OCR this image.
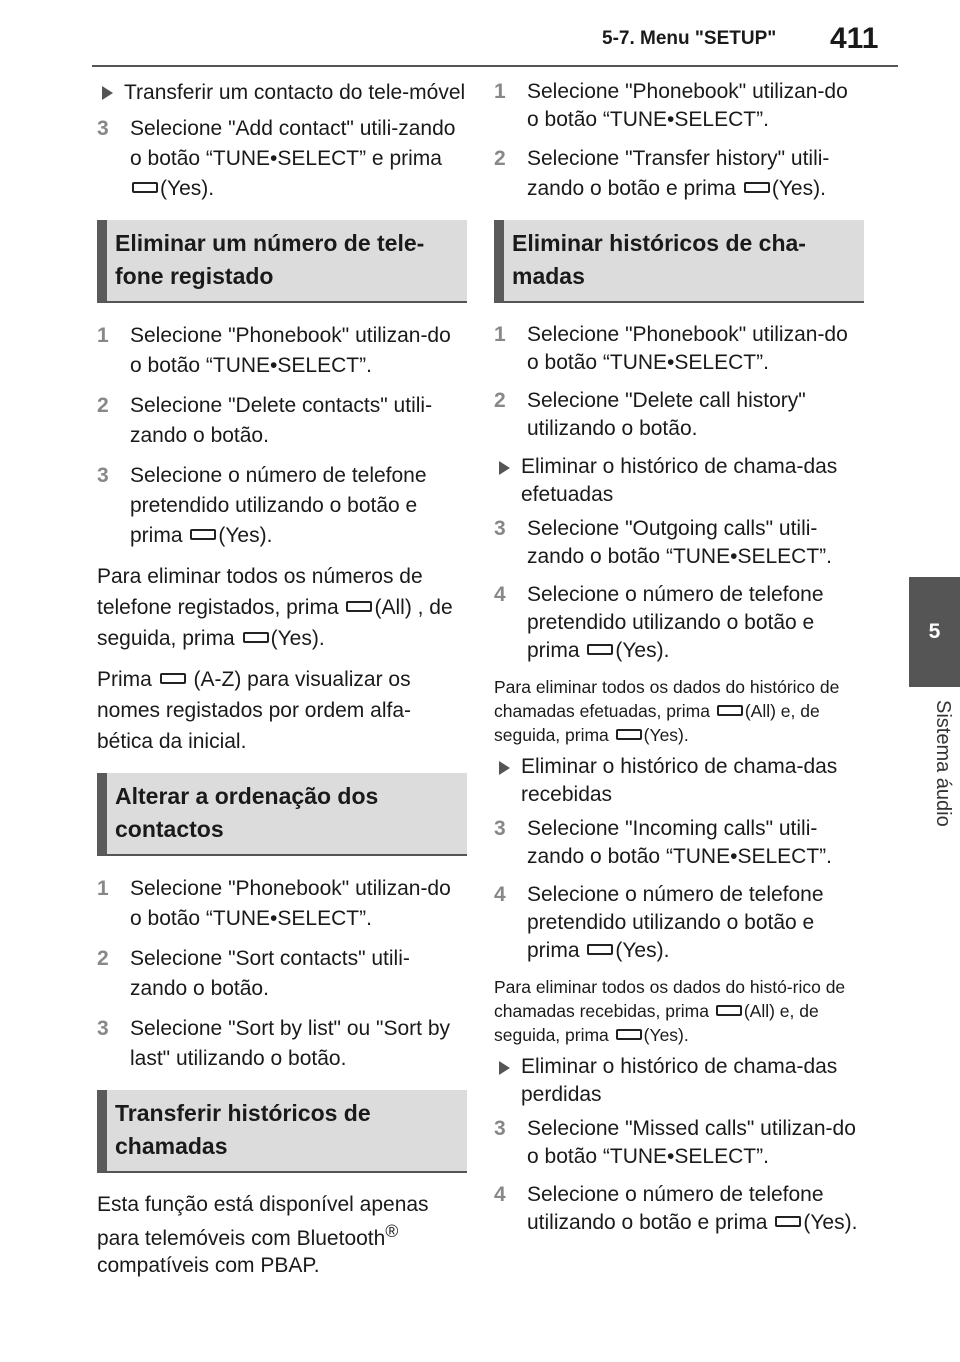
5-7. Menu "SETUP" 411
5
Sistema áudio
Transferir um contacto do tele-móvel
3 Selecione "Add contact" utili-zando o botão “TUNE•SELECT” e prima (Yes).
Eliminar um número de tele-fone registado
1 Selecione "Phonebook" utilizan-do o botão “TUNE•SELECT”.
2 Selecione "Delete contacts" utili-zando o botão.
3 Selecione o número de telefone pretendido utilizando o botão e prima (Yes).
Para eliminar todos os números de telefone registados, prima (All) , de seguida, prima (Yes).
Prima (A-Z) para visualizar os nomes registados por ordem alfa-bética da inicial.
Alterar a ordenação dos contactos
1 Selecione "Phonebook" utilizan-do o botão “TUNE•SELECT”.
2 Selecione "Sort contacts" utili-zando o botão.
3 Selecione "Sort by list" ou "Sort by last" utilizando o botão.
Transferir históricos de chamadas
Esta função está disponível apenas para telemóveis com Bluetooth® compatíveis com PBAP.
1 Selecione "Phonebook" utilizan-do o botão “TUNE•SELECT”.
2 Selecione "Transfer history" utili-zando o botão e prima (Yes).
Eliminar históricos de cha-madas
1 Selecione "Phonebook" utilizan-do o botão “TUNE•SELECT”.
2 Selecione "Delete call history" utilizando o botão.
Eliminar o histórico de chama-das efetuadas
3 Selecione "Outgoing calls" utili-zando o botão “TUNE•SELECT”.
4 Selecione o número de telefone pretendido utilizando o botão e prima (Yes).
Para eliminar todos os dados do histórico de chamadas efetuadas, prima (All) e, de seguida, prima (Yes).
Eliminar o histórico de chama-das recebidas
3 Selecione "Incoming calls" utili-zando o botão “TUNE•SELECT”.
4 Selecione o número de telefone pretendido utilizando o botão e prima (Yes).
Para eliminar todos os dados do histó-rico de chamadas recebidas, prima (All) e, de seguida, prima (Yes).
Eliminar o histórico de chama-das perdidas
3 Selecione "Missed calls" utilizan-do o botão “TUNE•SELECT”.
4 Selecione o número de telefone utilizando o botão e prima (Yes).
